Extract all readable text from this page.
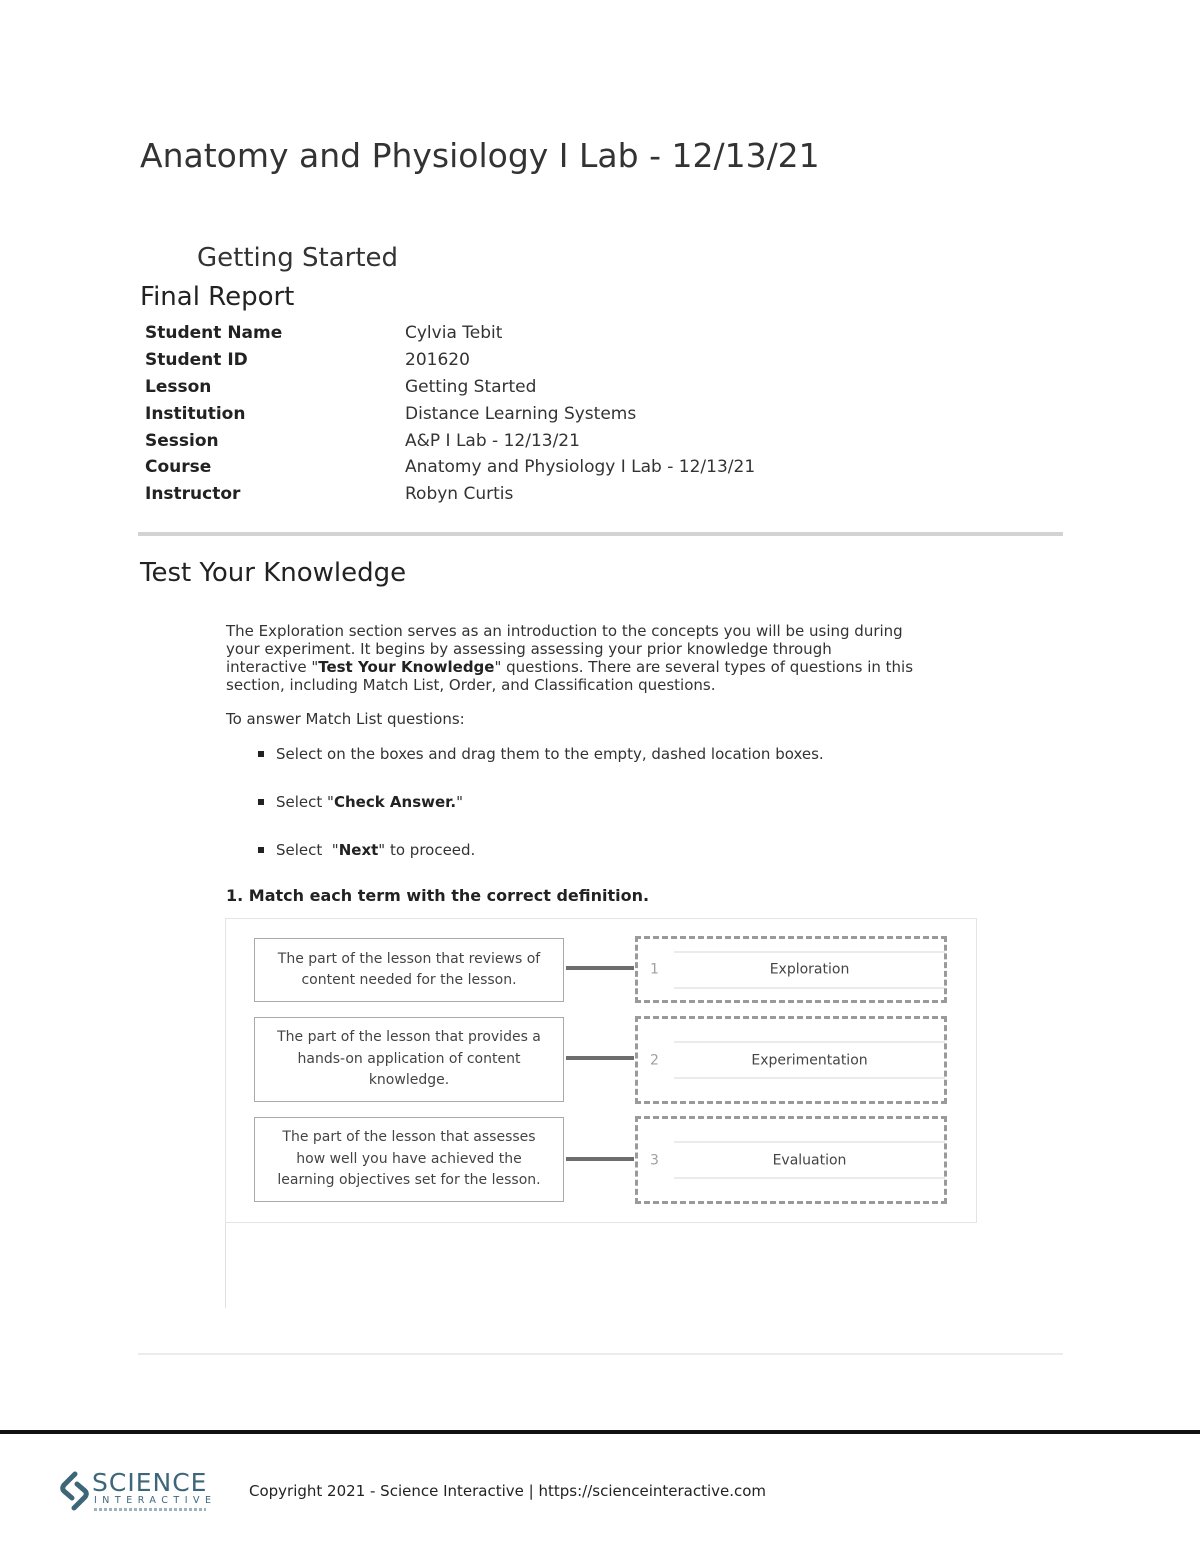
Anatomy and Physiology I Lab - 12/13/21
Getting Started
Final Report
Student Name	Cylvia Tebit
Student ID	201620
Lesson	Getting Started
Institution	Distance Learning Systems
Session	A&P I Lab - 12/13/21
Course	Anatomy and Physiology I Lab - 12/13/21
Instructor	Robyn Curtis
Test Your Knowledge
The Exploration section serves as an introduction to the concepts you will be using during
your experiment. It begins by assessing assessing your prior knowledge through
interactive "Test Your Knowledge" questions. There are several types of questions in this
section, including Match List, Order, and Classification questions.
To answer Match List questions:
Select on the boxes and drag them to the empty, dashed location boxes.
Select "Check Answer."
Select  "Next" to proceed.
1. Match each term with the correct definition.
The part of the lesson that reviews of content needed for the lesson.
1	Exploration
The part of the lesson that provides a hands-on application of content knowledge.
2	Experimentation
The part of the lesson that assesses how well you have achieved the learning objectives set for the lesson.
3	Evaluation
SCIENCE
INTERACTIVE
Copyright 2021 - Science Interactive | https://scienceinteractive.com
